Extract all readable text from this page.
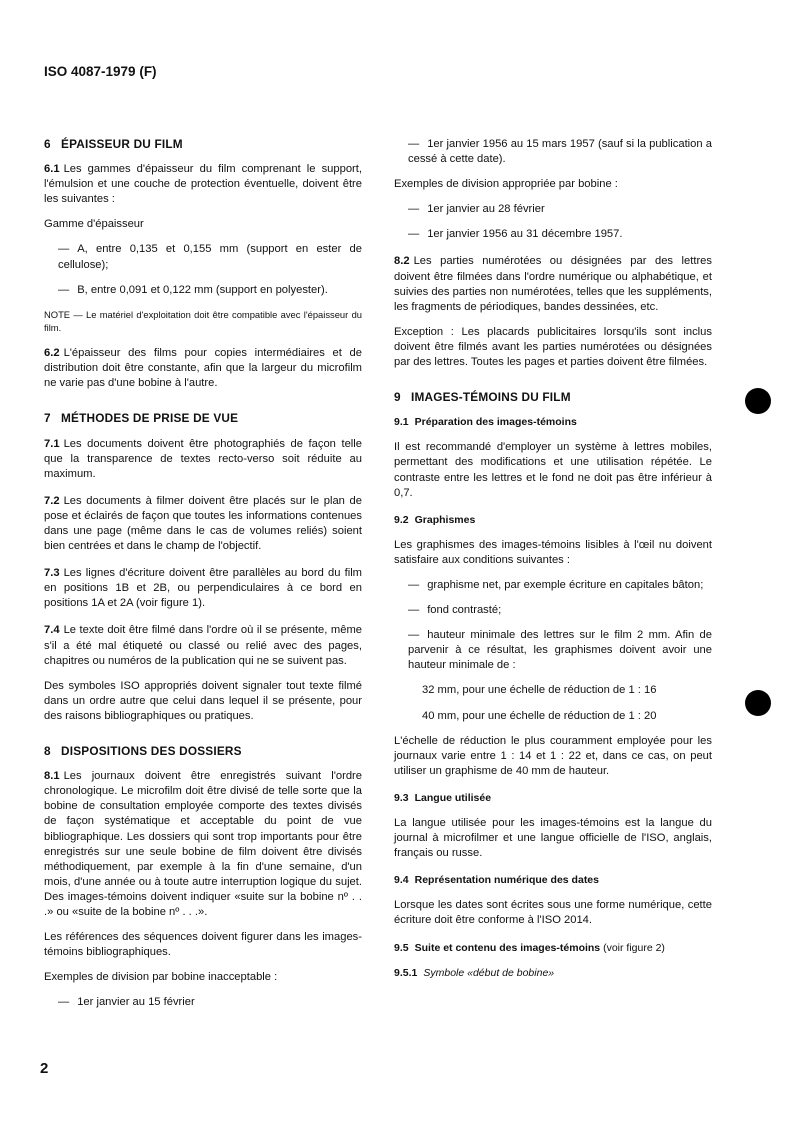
ISO 4087-1979 (F)
6 ÉPAISSEUR DU FILM

6.1 Les gammes d'épaisseur du film comprenant le support, l'émulsion et une couche de protection éventuelle, doivent être les suivantes :

Gamme d'épaisseur

— A, entre 0,135 et 0,155 mm (support en ester de cellulose);

— B, entre 0,091 et 0,122 mm (support en polyester).

NOTE — Le matériel d'exploitation doit être compatible avec l'épaisseur du film.

6.2 L'épaisseur des films pour copies intermédiaires et de distribution doit être constante, afin que la largeur du microfilm ne varie pas d'une bobine à l'autre.

7 MÉTHODES DE PRISE DE VUE

7.1 Les documents doivent être photographiés de façon telle que la transparence de textes recto-verso soit réduite au maximum.

7.2 Les documents à filmer doivent être placés sur le plan de pose et éclairés de façon que toutes les informations contenues dans une page (même dans le cas de volumes reliés) soient bien centrées et dans le champ de l'objectif.

7.3 Les lignes d'écriture doivent être parallèles au bord du film en positions 1B et 2B, ou perpendiculaires à ce bord en positions 1A et 2A (voir figure 1).

7.4 Le texte doit être filmé dans l'ordre où il se présente, même s'il a été mal étiqueté ou classé ou relié avec des pages, chapitres ou numéros de la publication qui ne se suivent pas.

Des symboles ISO appropriés doivent signaler tout texte filmé dans un ordre autre que celui dans lequel il se présente, pour des raisons bibliographiques ou pratiques.

8 DISPOSITIONS DES DOSSIERS

8.1 Les journaux doivent être enregistrés suivant l'ordre chronologique. Le microfilm doit être divisé de telle sorte que la bobine de consultation employée comporte des textes divisés de façon systématique et acceptable du point de vue bibliographique. Les dossiers qui sont trop importants pour être enregistrés sur une seule bobine de film doivent être divisés méthodiquement, par exemple à la fin d'une semaine, d'un mois, d'une année ou à toute autre interruption logique du sujet. Des images-témoins doivent indiquer «suite sur la bobine nº . . .» ou «suite de la bobine nº . . .».

Les références des séquences doivent figurer dans les images-témoins bibliographiques.

Exemples de division par bobine inacceptable :

— 1er janvier au 15 février

— 1er janvier 1956 au 15 mars 1957 (sauf si la publication a cessé à cette date).

Exemples de division appropriée par bobine :

— 1er janvier au 28 février

— 1er janvier 1956 au 31 décembre 1957.

8.2 Les parties numérotées ou désignées par des lettres doivent être filmées dans l'ordre numérique ou alphabétique, et suivies des parties non numérotées, telles que les suppléments, les fragments de périodiques, bandes dessinées, etc.

Exception : Les placards publicitaires lorsqu'ils sont inclus doivent être filmés avant les parties numérotées ou désignées par des lettres. Toutes les pages et parties doivent être filmées.

9 IMAGES-TÉMOINS DU FILM
9.1 Préparation des images-témoins

Il est recommandé d'employer un système à lettres mobiles, permettant des modifications et une utilisation répétée. Le contraste entre les lettres et le fond ne doit pas être inférieur à 0,7.

9.2 Graphismes

Les graphismes des images-témoins lisibles à l'œil nu doivent satisfaire aux conditions suivantes :

— graphisme net, par exemple écriture en capitales bâton;

— fond contrasté;

— hauteur minimale des lettres sur le film 2 mm. Afin de parvenir à ce résultat, les graphismes doivent avoir une hauteur minimale de :

32 mm, pour une échelle de réduction de 1 : 16
40 mm, pour une échelle de réduction de 1 : 20

L'échelle de réduction le plus couramment employée pour les journaux varie entre 1 : 14 et 1 : 22 et, dans ce cas, on peut utiliser un graphisme de 40 mm de hauteur.

9.3 Langue utilisée

La langue utilisée pour les images-témoins est la langue du journal à microfilmer et une langue officielle de l'ISO, anglais, français ou russe.

9.4 Représentation numérique des dates

Lorsque les dates sont écrites sous une forme numérique, cette écriture doit être conforme à l'ISO 2014.

9.5 Suite et contenu des images-témoins (voir figure 2)
9.5.1 Symbole «début de bobine»
2
